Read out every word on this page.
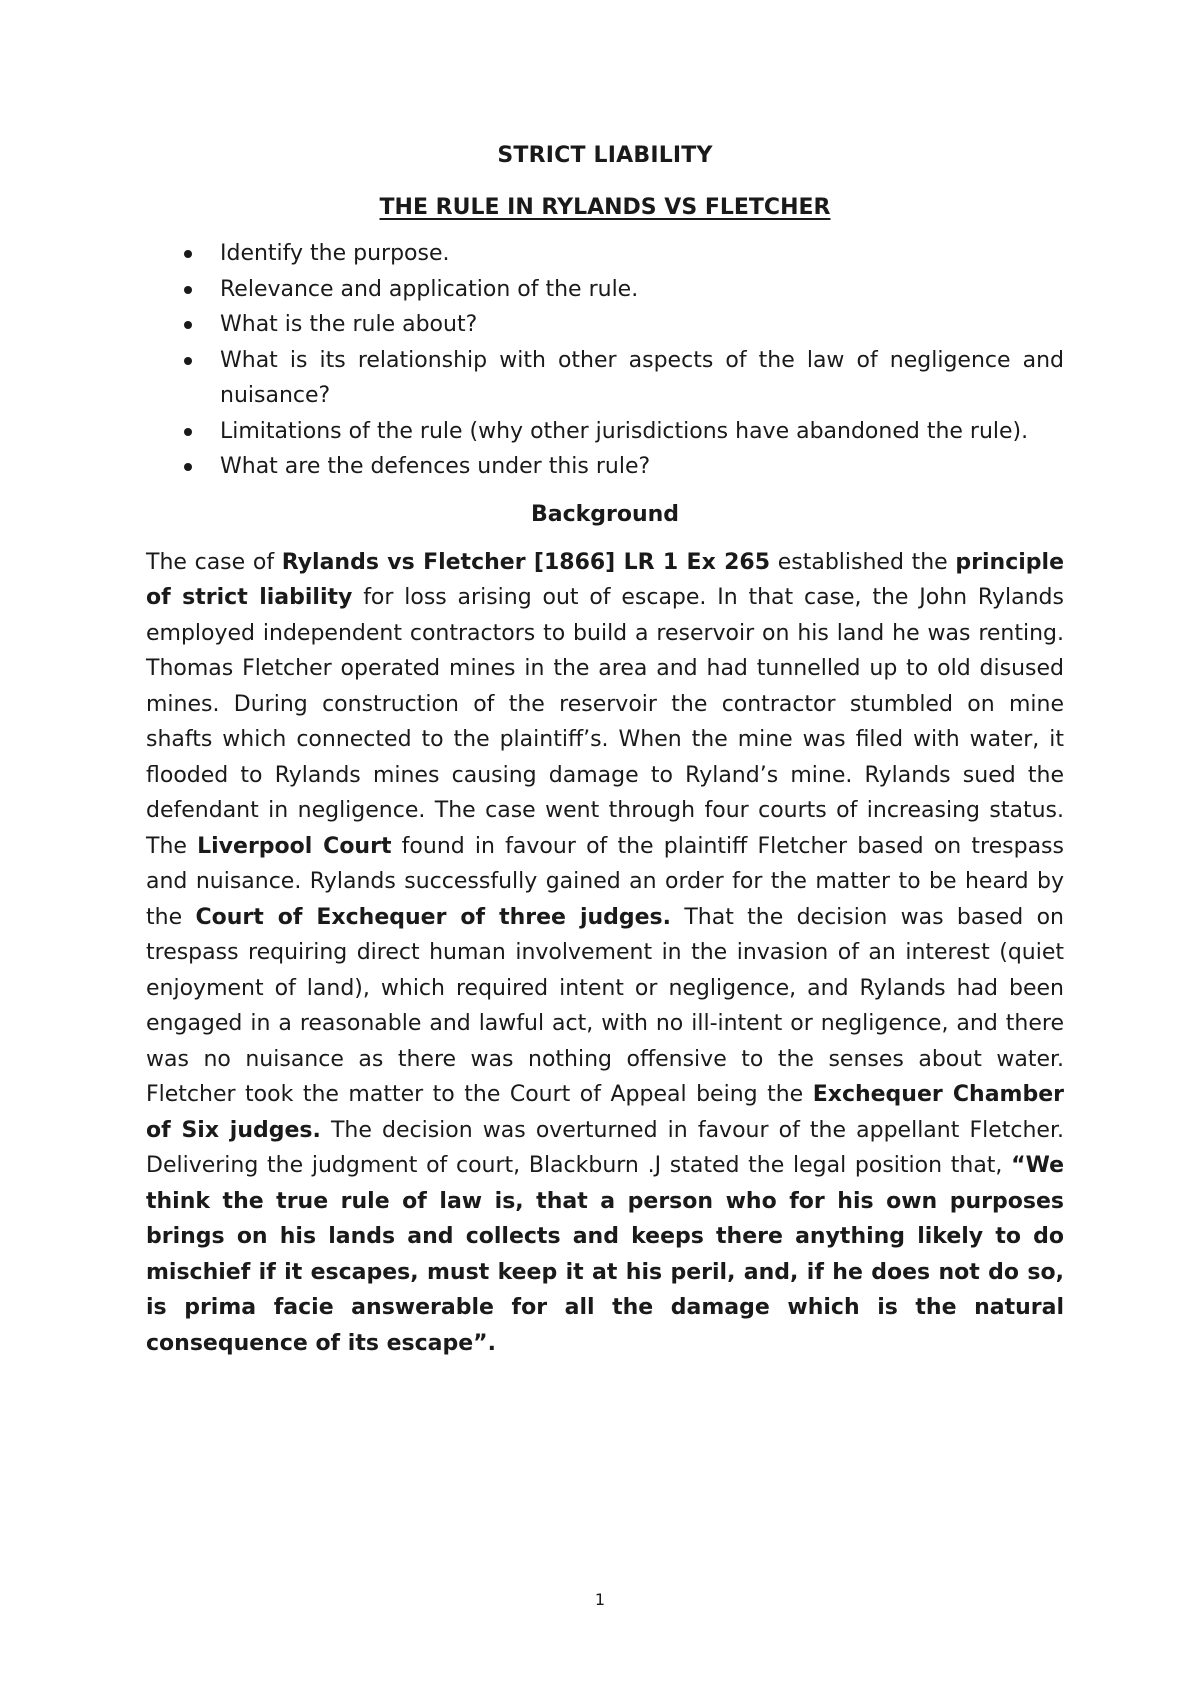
STRICT LIABILITY
THE RULE IN RYLANDS VS FLETCHER
Identify the purpose.
Relevance and application of the rule.
What is the rule about?
What is its relationship with other aspects of the law of negligence and nuisance?
Limitations of the rule (why other jurisdictions have abandoned the rule).
What are the defences under this rule?
Background

The case of Rylands vs Fletcher [1866] LR 1 Ex 265 established the principle of strict liability for loss arising out of escape. In that case, the John Rylands employed independent contractors to build a reservoir on his land he was renting. Thomas Fletcher operated mines in the area and had tunnelled up to old disused mines. During construction of the reservoir the contractor stumbled on mine shafts which connected to the plaintiff’s. When the mine was filed with water, it flooded to Rylands mines causing damage to Ryland’s mine. Rylands sued the defendant in negligence. The case went through four courts of increasing status. The Liverpool Court found in favour of the plaintiff Fletcher based on trespass and nuisance. Rylands successfully gained an order for the matter to be heard by the Court of Exchequer of three judges. That the decision was based on trespass requiring direct human involvement in the invasion of an interest (quiet enjoyment of land), which required intent or negligence, and Rylands had been engaged in a reasonable and lawful act, with no ill-intent or negligence, and there was no nuisance as there was nothing offensive to the senses about water. Fletcher took the matter to the Court of Appeal being the Exchequer Chamber of Six judges. The decision was overturned in favour of the appellant Fletcher. Delivering the judgment of court, Blackburn .J stated the legal position that, “We think the true rule of law is, that a person who for his own purposes brings on his lands and collects and keeps there anything likely to do mischief if it escapes, must keep it at his peril, and, if he does not do so, is prima facie answerable for all the damage which is the natural consequence of its escape”.

1
